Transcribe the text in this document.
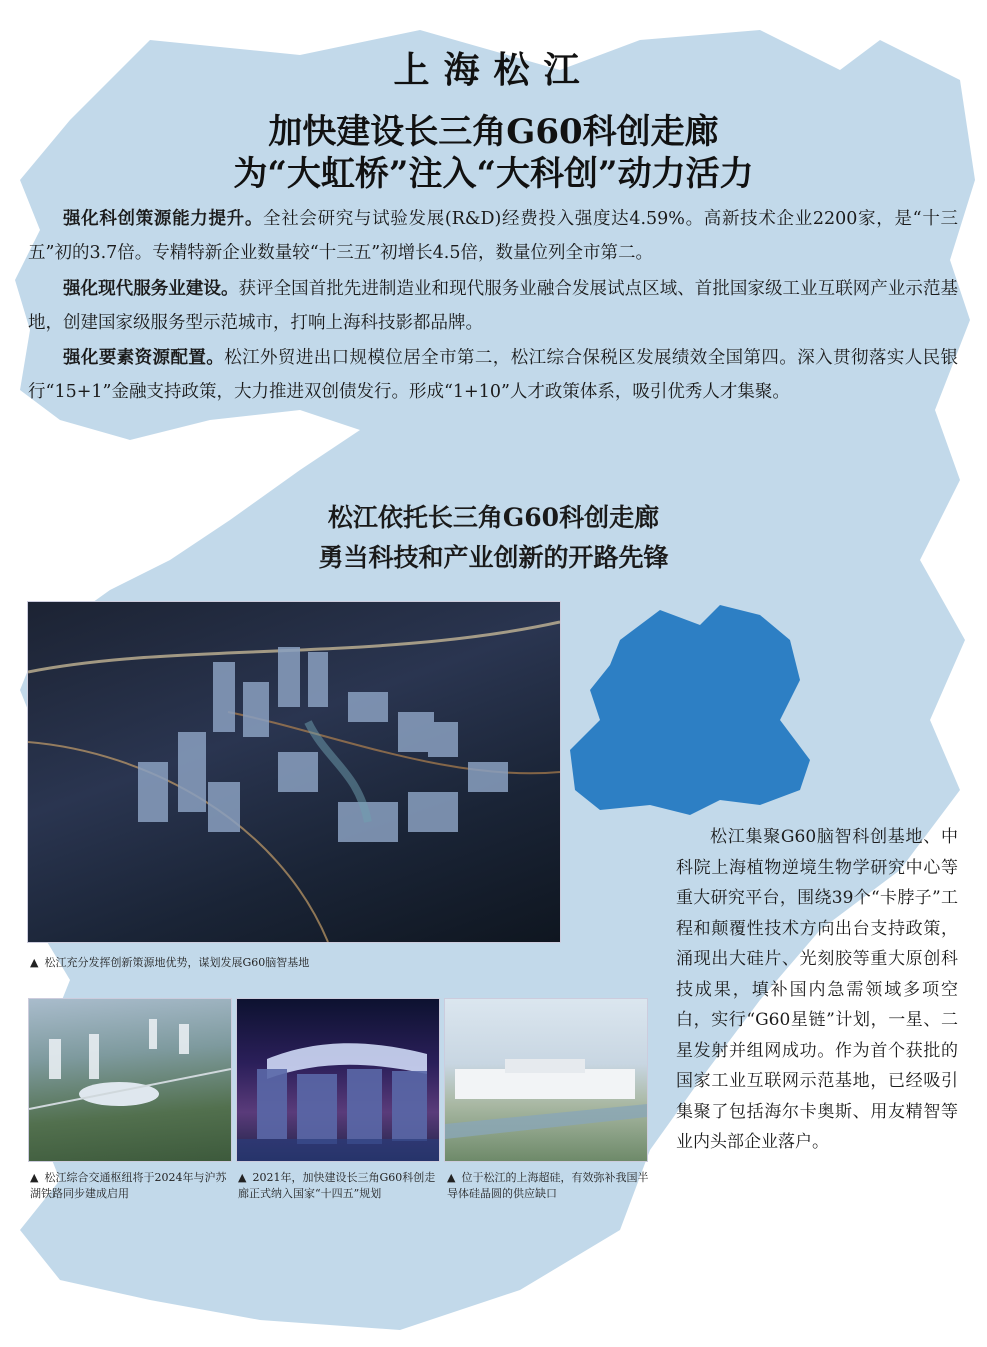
上海松江
加快建设长三角G60科创走廊
为“大虹桥”注入“大科创”动力活力
强化科创策源能力提升。全社会研究与试验发展(R&D)经费投入强度达4.59%。高新技术企业2200家，是“十三五”初的3.7倍。专精特新企业数量较“十三五”初增长4.5倍，数量位列全市第二。
强化现代服务业建设。获评全国首批先进制造业和现代服务业融合发展试点区域、首批国家级工业互联网产业示范基地，创建国家级服务型示范城市，打响上海科技影都品牌。
强化要素资源配置。松江外贸进出口规模位居全市第二，松江综合保税区发展绩效全国第四。深入贯彻落实人民银行“15+1”金融支持政策，大力推进双创债发行。形成“1+10”人才政策体系，吸引优秀人才集聚。
松江依托长三角G60科创走廊
勇当科技和产业创新的开路先锋
▲ 松江充分发挥创新策源地优势，谋划发展G60脑智基地
▲ 松江综合交通枢纽将于2024年与沪苏湖铁路同步建成启用
▲ 2021年，加快建设长三角G60科创走廊正式纳入国家“十四五”规划
▲ 位于松江的上海超硅，有效弥补我国半导体硅晶圆的供应缺口
松江集聚G60脑智科创基地、中科院上海植物逆境生物学研究中心等重大研究平台，围绕39个“卡脖子”工程和颠覆性技术方向出台支持政策，涌现出大硅片、光刻胶等重大原创科技成果，填补国内急需领域多项空白，实行“G60星链”计划，一星、二星发射并组网成功。作为首个获批的国家工业互联网示范基地，已经吸引集聚了包括海尔卡奥斯、用友精智等业内头部企业落户。
